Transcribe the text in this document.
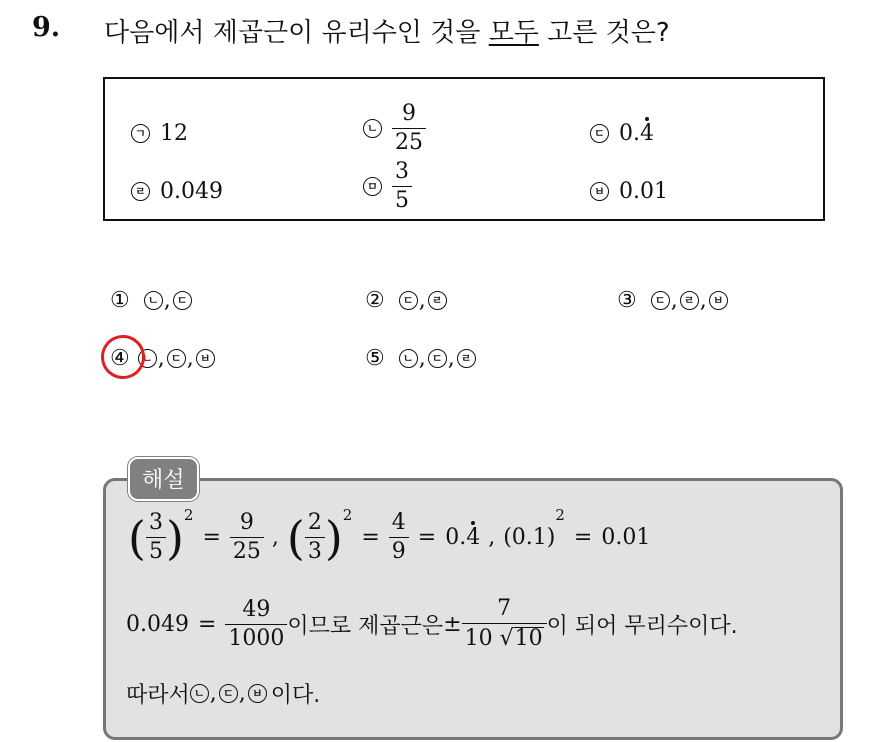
9. 다음에서 제곱근이 유리수인 것을 모두 고른 것은?
ㄱ 12	ㄴ $\frac{9}{25}$	ㄷ 0. 4
ㄹ 0.049	ㅁ $\frac{3}{5}$	ㅂ 0.01
①	ㄴ , ㄷ	②	ㄷ , ㄹ	③	ㄷ , ㄹ , ㅂ
④	ㄴ , ㄷ , ㅂ	⑤	ㄴ , ㄷ , ㄹ
해설
( $\frac{3}{5}$ ) 2
= $\frac{9}{25}$ , ( $\frac{2}{3}$ ) 2
= $\frac{4}{9} = 0$. 4 , (0.1)
2
= 0.01
$0.049 = \frac{49}{1000}$ 이므로 제곱근은 ± $\frac{7}{10 √ 10}$ 이 되어 무리수이다.
따라서 ㄴ , ㄷ , ㅂ 이다.
